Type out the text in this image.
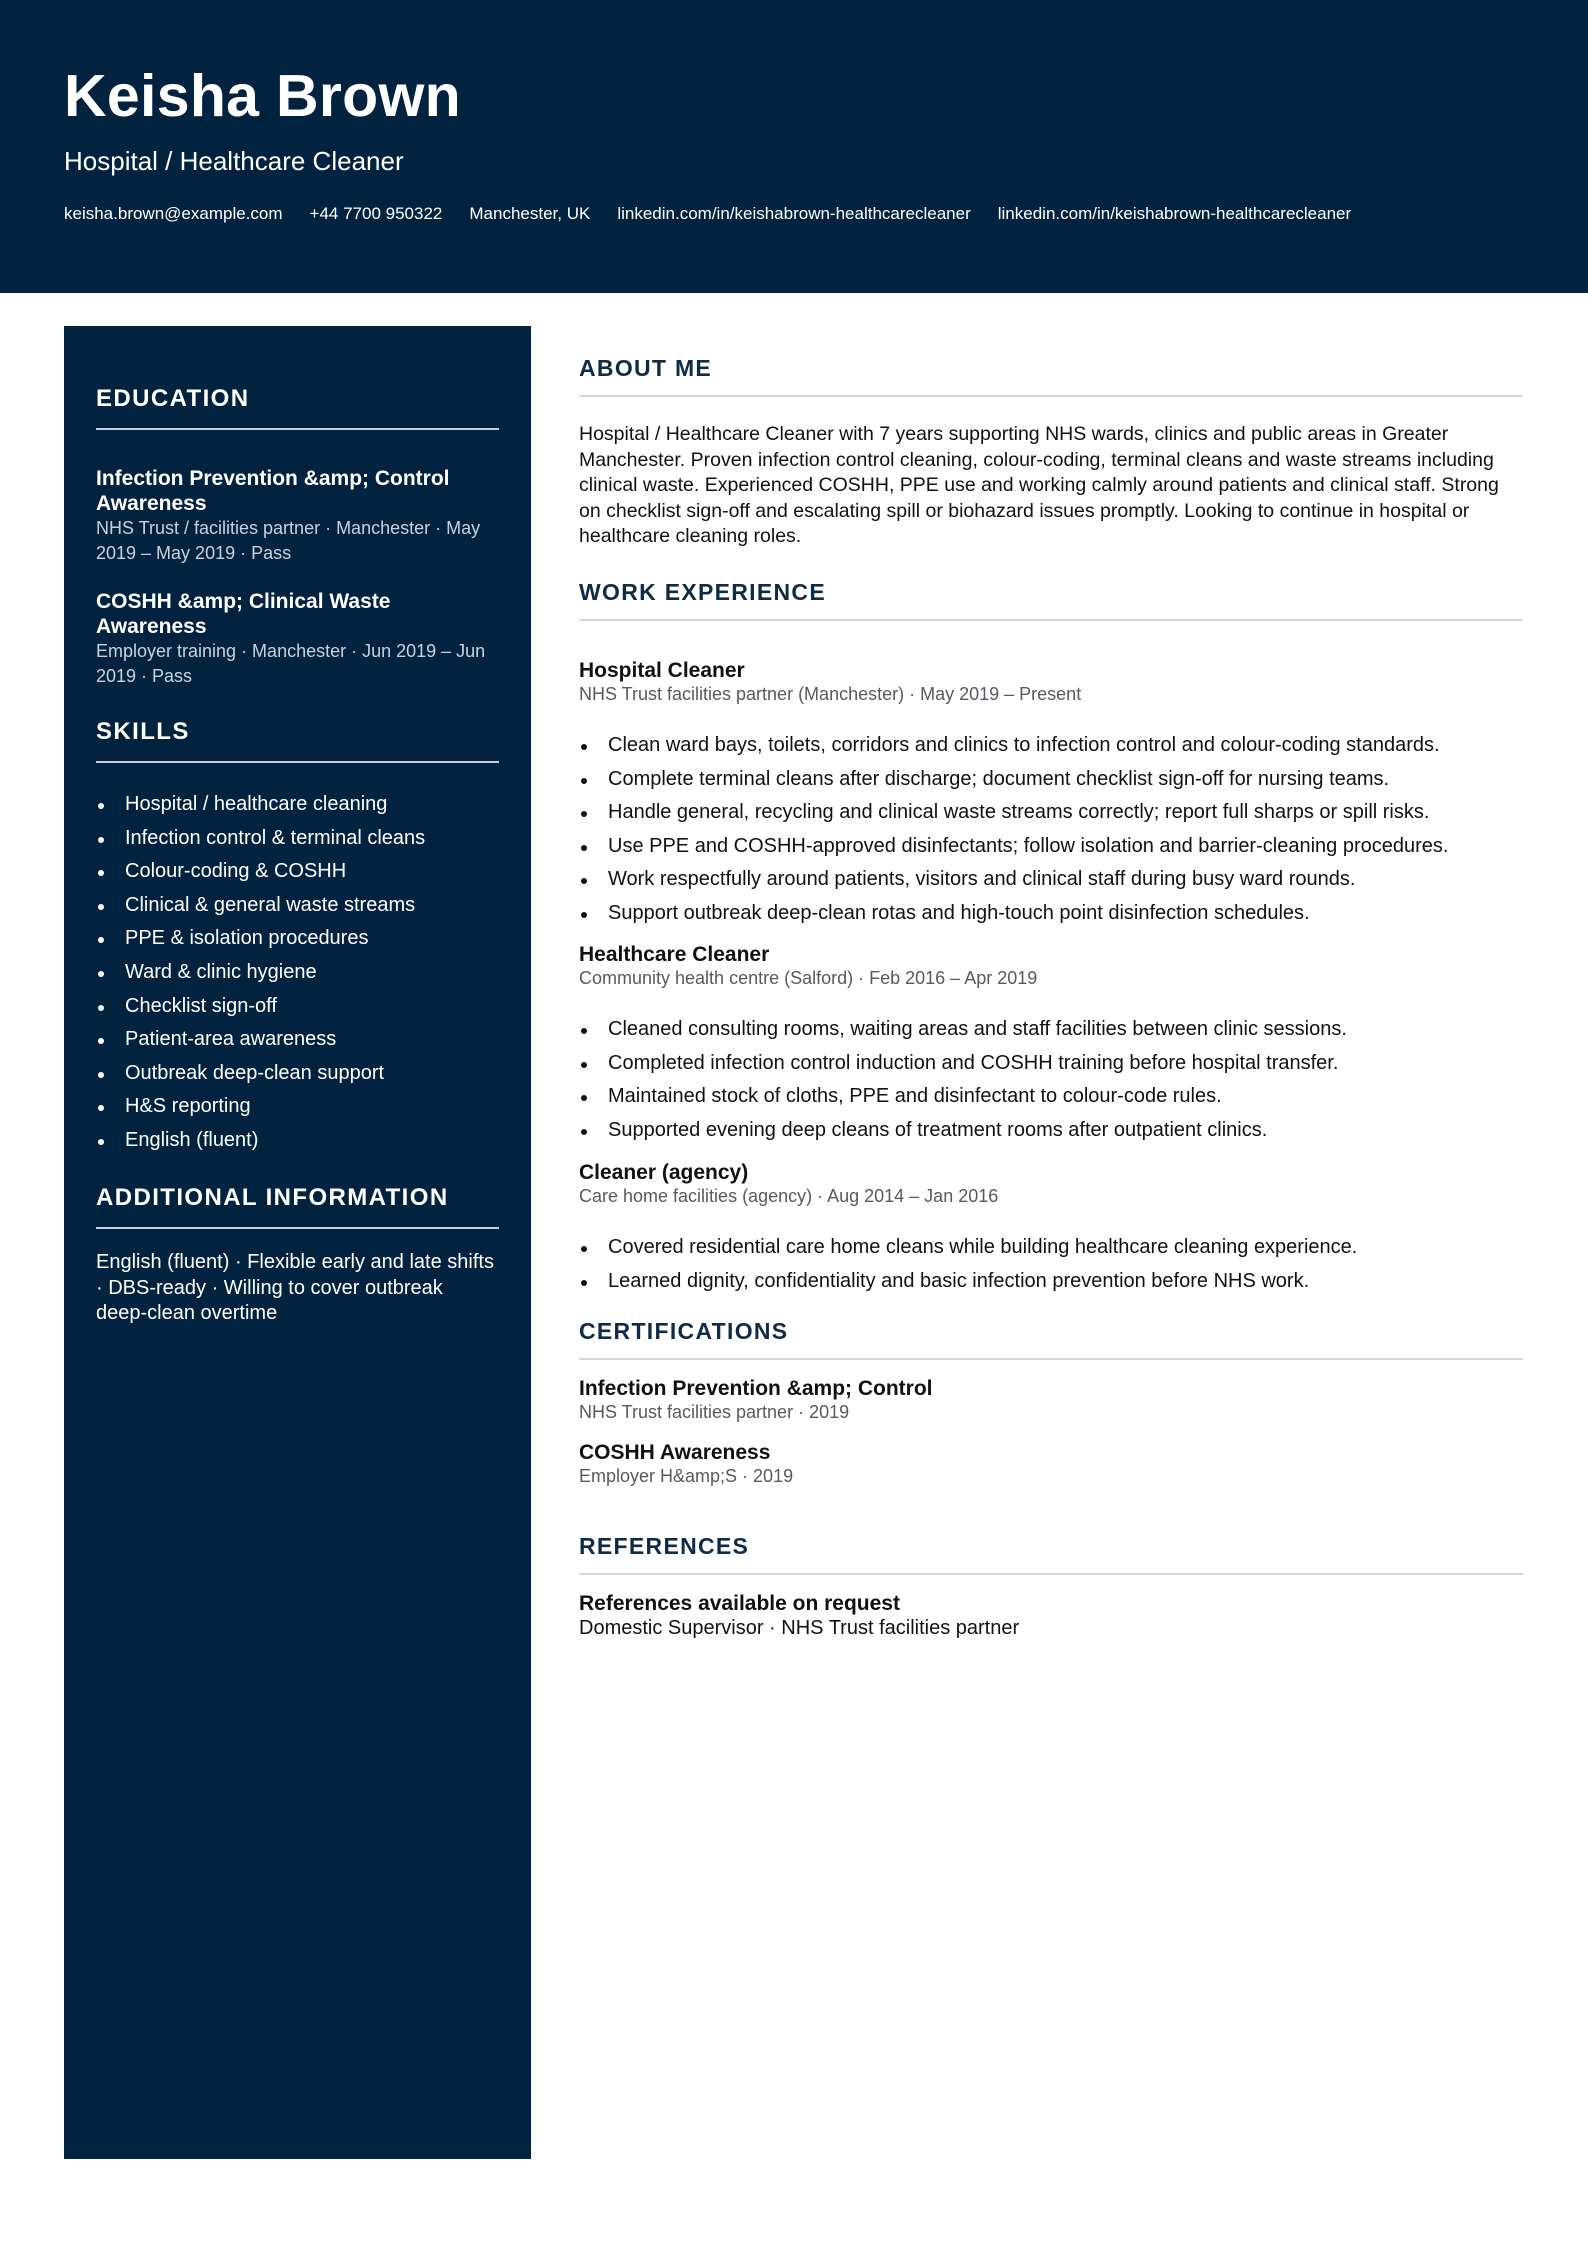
Keisha Brown
Hospital / Healthcare Cleaner
keisha.brown@example.com +44 7700 950322 Manchester, UK linkedin.com/in/keishabrown-healthcarecleaner linkedin.com/in/keishabrown-healthcarecleaner
EDUCATION

Infection Prevention &amp; Control Awareness

NHS Trust / facilities partner · Manchester · May 2019 – May 2019 · Pass

COSHH &amp; Clinical Waste Awareness

Employer training · Manchester · Jun 2019 – Jun 2019 · Pass

SKILLS
Hospital / healthcare cleaning
Infection control & terminal cleans
Colour-coding & COSHH
Clinical & general waste streams
PPE & isolation procedures
Ward & clinic hygiene
Checklist sign-off
Patient-area awareness
Outbreak deep-clean support
H&S reporting
English (fluent)
ADDITIONAL INFORMATION

English (fluent) · Flexible early and late shifts · DBS-ready · Willing to cover outbreak deep-clean overtime

ABOUT ME

Hospital / Healthcare Cleaner with 7 years supporting NHS wards, clinics and public areas in Greater Manchester. Proven infection control cleaning, colour-coding, terminal cleans and waste streams including clinical waste. Experienced COSHH, PPE use and working calmly around patients and clinical staff. Strong on checklist sign-off and escalating spill or biohazard issues promptly. Looking to continue in hospital or healthcare cleaning roles.

WORK EXPERIENCE

Hospital Cleaner

NHS Trust facilities partner (Manchester) · May 2019 – Present

Clean ward bays, toilets, corridors and clinics to infection control and colour-coding standards.
Complete terminal cleans after discharge; document checklist sign-off for nursing teams.
Handle general, recycling and clinical waste streams correctly; report full sharps or spill risks.
Use PPE and COSHH-approved disinfectants; follow isolation and barrier-cleaning procedures.
Work respectfully around patients, visitors and clinical staff during busy ward rounds.
Support outbreak deep-clean rotas and high-touch point disinfection schedules.

Healthcare Cleaner

Community health centre (Salford) · Feb 2016 – Apr 2019

Cleaned consulting rooms, waiting areas and staff facilities between clinic sessions.
Completed infection control induction and COSHH training before hospital transfer.
Maintained stock of cloths, PPE and disinfectant to colour-code rules.
Supported evening deep cleans of treatment rooms after outpatient clinics.

Cleaner (agency)

Care home facilities (agency) · Aug 2014 – Jan 2016

Covered residential care home cleans while building healthcare cleaning experience.
Learned dignity, confidentiality and basic infection prevention before NHS work.
CERTIFICATIONS

Infection Prevention &amp; Control

NHS Trust facilities partner · 2019

COSHH Awareness

Employer H&amp;S · 2019

REFERENCES

References available on request

Domestic Supervisor · NHS Trust facilities partner
